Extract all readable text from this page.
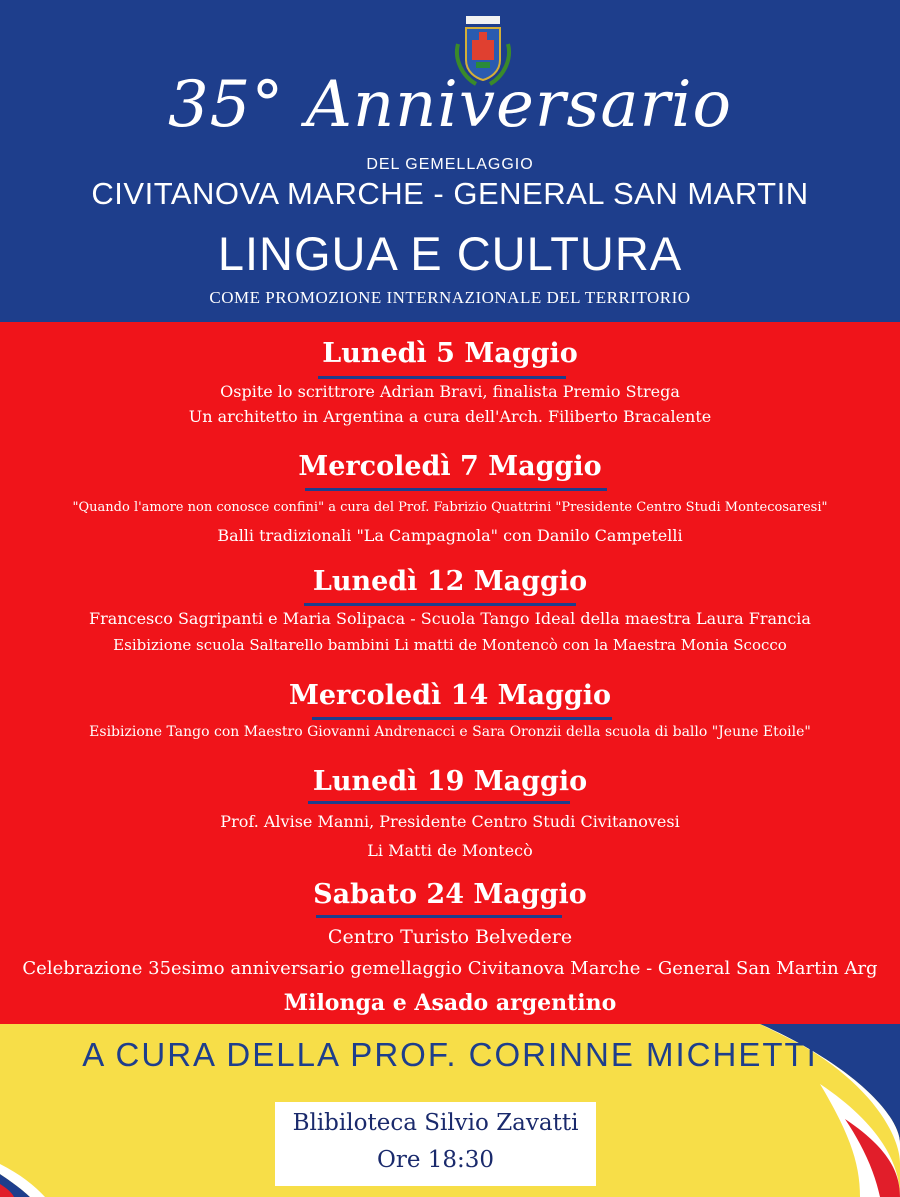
35° Anniversario
DEL GEMELLAGGIO
CIVITANOVA MARCHE - GENERAL SAN MARTIN
LINGUA E CULTURA
COME PROMOZIONE INTERNAZIONALE DEL TERRITORIO
Lunedì 5 Maggio
Ospite lo scrittrore Adrian Bravi, finalista Premio Strega
Un architetto in Argentina a cura dell'Arch. Filiberto Bracalente
Mercoledì 7 Maggio
"Quando l'amore non conosce confini" a cura del Prof. Fabrizio Quattrini "Presidente Centro Studi Montecosaresi"
Balli tradizionali "La Campagnola" con Danilo Campetelli
Lunedì 12 Maggio
Francesco Sagripanti e Maria Solipaca - Scuola Tango Ideal della maestra Laura Francia
Esibizione scuola Saltarello bambini Li matti de Montencò con la Maestra Monia Scocco
Mercoledì 14 Maggio
Esibizione Tango con Maestro Giovanni Andrenacci e Sara Oronzii della scuola di ballo "Jeune Etoile"
Lunedì 19 Maggio
Prof. Alvise Manni, Presidente Centro Studi Civitanovesi
Li Matti de Montecò
Sabato 24 Maggio
Centro Turisto Belvedere
Celebrazione 35esimo anniversario gemellaggio Civitanova Marche - General San Martin Arg
Milonga e Asado argentino
A CURA DELLA PROF. CORINNE MICHETTI
Blibiloteca Silvio Zavatti
Ore 18:30
